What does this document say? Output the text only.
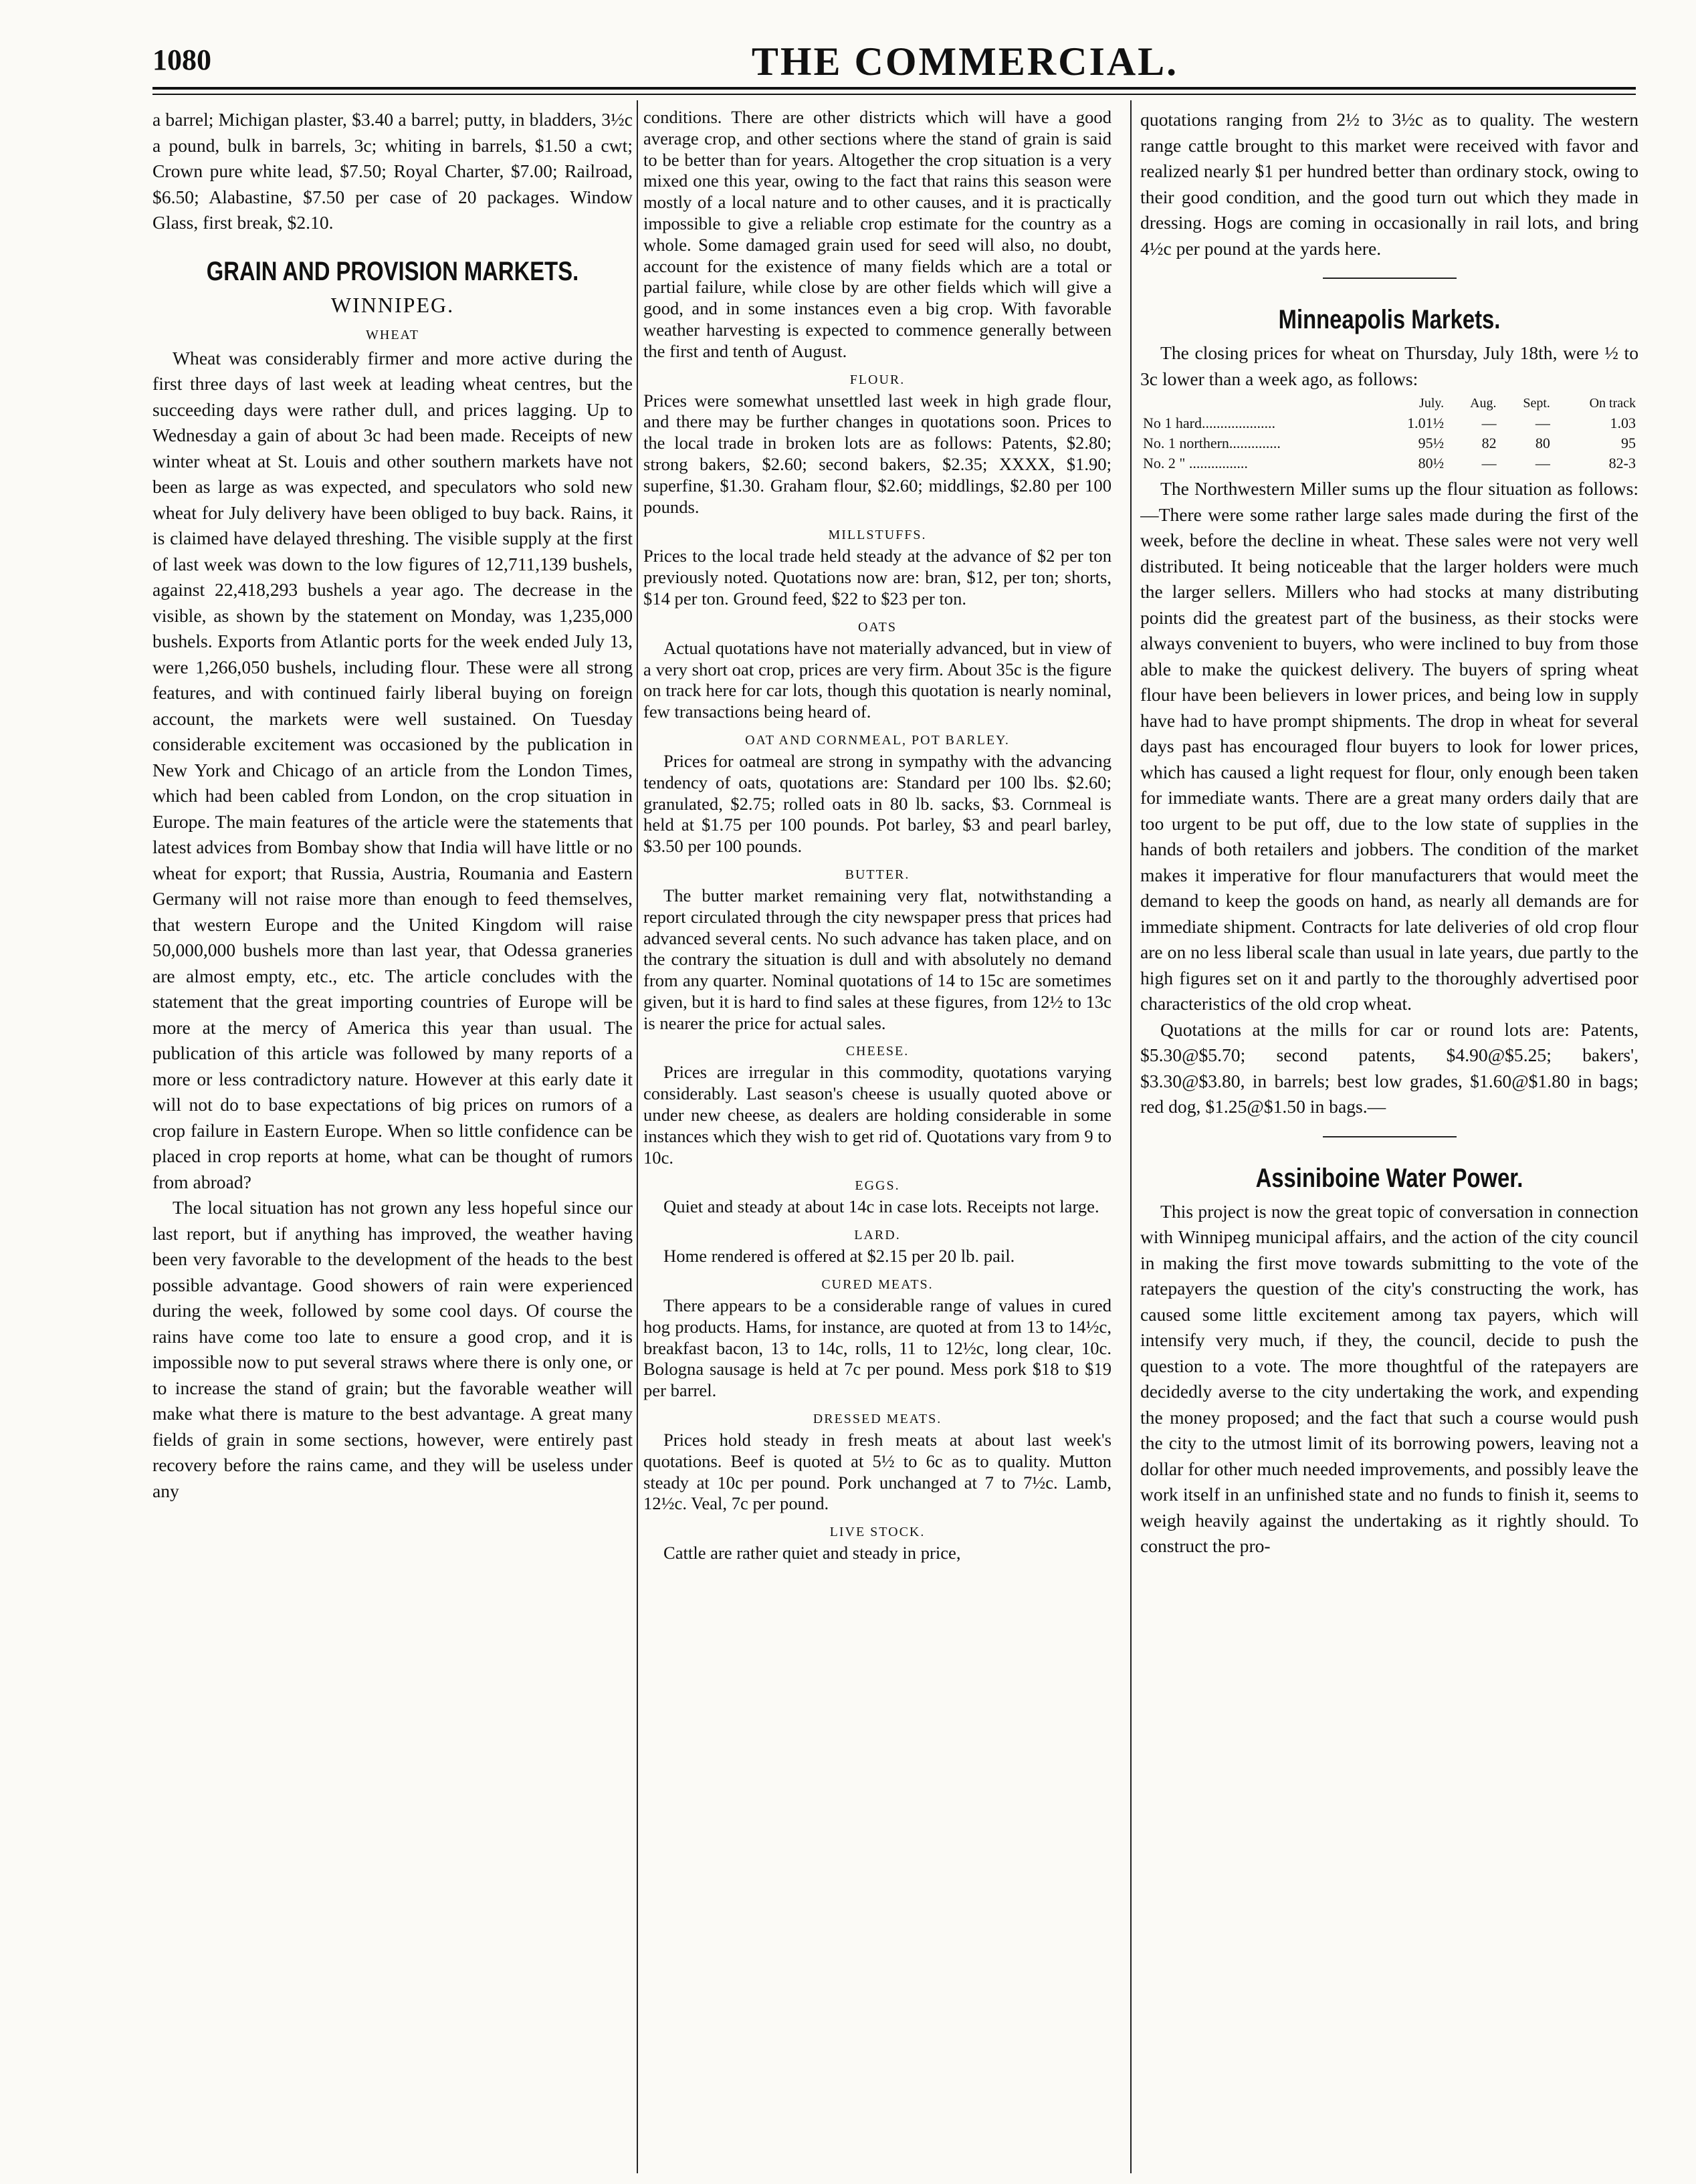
1080	THE COMMERCIAL.

a barrel; Michigan plaster, $3.40 a barrel; putty, in bladders, 3½c a pound, bulk in barrels, 3c; whiting in barrels, $1.50 a cwt; Crown pure white lead, $7.50; Royal Charter, $7.00; Railroad, $6.50; Alabastine, $7.50 per case of 20 packages. Window Glass, first break, $2.10.

GRAIN AND PROVISION MARKETS.
WINNIPEG.
WHEAT

Wheat was considerably firmer and more active during the first three days of last week at leading wheat centres, but the succeeding days were rather dull, and prices lagging. Up to Wednesday a gain of about 3c had been made. Receipts of new winter wheat at St. Louis and other southern markets have not been as large as was expected, and speculators who sold new wheat for July delivery have been obliged to buy back. Rains, it is claimed have delayed threshing. The visible supply at the first of last week was down to the low figures of 12,711,139 bushels, against 22,418,293 bushels a year ago. The decrease in the visible, as shown by the statement on Monday, was 1,235,000 bushels. Exports from Atlantic ports for the week ended July 13, were 1,266,050 bushels, including flour. These were all strong features, and with continued fairly liberal buying on foreign account, the markets were well sustained. On Tuesday considerable excitement was occasioned by the publication in New York and Chicago of an article from the London Times, which had been cabled from London, on the crop situation in Europe. The main features of the article were the statements that latest advices from Bombay show that India will have little or no wheat for export; that Russia, Austria, Roumania and Eastern Germany will not raise more than enough to feed themselves, that western Europe and the United Kingdom will raise 50,000,000 bushels more than last year, that Odessa graneries are almost empty, etc., etc. The article concludes with the statement that the great importing countries of Europe will be more at the mercy of America this year than usual. The publication of this article was followed by many reports of a more or less contradictory nature. However at this early date it will not do to base expectations of big prices on rumors of a crop failure in Eastern Europe. When so little confidence can be placed in crop reports at home, what can be thought of rumors from abroad?

The local situation has not grown any less hopeful since our last report, but if anything has improved, the weather having been very favorable to the development of the heads to the best possible advantage. Good showers of rain were experienced during the week, followed by some cool days. Of course the rains have come too late to ensure a good crop, and it is impossible now to put several straws where there is only one, or to increase the stand of grain; but the favorable weather will make what there is mature to the best advantage. A great many fields of grain in some sections, however, were entirely past recovery before the rains came, and they will be useless under any

conditions. There are other districts which will have a good average crop, and other sections where the stand of grain is said to be better than for years. Altogether the crop situation is a very mixed one this year, owing to the fact that rains this season were mostly of a local nature and to other causes, and it is practically impossible to give a reliable crop estimate for the country as a whole. Some damaged grain used for seed will also, no doubt, account for the existence of many fields which are a total or partial failure, while close by are other fields which will give a good, and in some instances even a big crop. With favorable weather harvesting is expected to commence generally between the first and tenth of August.

FLOUR.

Prices were somewhat unsettled last week in high grade flour, and there may be further changes in quotations soon. Prices to the local trade in broken lots are as follows: Patents, $2.80; strong bakers, $2.60; second bakers, $2.35; XXXX, $1.90; superfine, $1.30. Graham flour, $2.60; middlings, $2.80 per 100 pounds.

MILLSTUFFS.

Prices to the local trade held steady at the advance of $2 per ton previously noted. Quotations now are: bran, $12, per ton; shorts, $14 per ton. Ground feed, $22 to $23 per ton.

OATS

Actual quotations have not materially advanced, but in view of a very short oat crop, prices are very firm. About 35c is the figure on track here for car lots, though this quotation is nearly nominal, few transactions being heard of.

OAT AND CORNMEAL, POT BARLEY.

Prices for oatmeal are strong in sympathy with the advancing tendency of oats, quotations are: Standard per 100 lbs. $2.60; granulated, $2.75; rolled oats in 80 lb. sacks, $3. Cornmeal is held at $1.75 per 100 pounds. Pot barley, $3 and pearl barley, $3.50 per 100 pounds.

BUTTER.

The butter market remaining very flat, notwithstanding a report circulated through the city newspaper press that prices had advanced several cents. No such advance has taken place, and on the contrary the situation is dull and with absolutely no demand from any quarter. Nominal quotations of 14 to 15c are sometimes given, but it is hard to find sales at these figures, from 12½ to 13c is nearer the price for actual sales.

CHEESE.

Prices are irregular in this commodity, quotations varying considerably. Last season's cheese is usually quoted above or under new cheese, as dealers are holding considerable in some instances which they wish to get rid of. Quotations vary from 9 to 10c.

EGGS.

Quiet and steady at about 14c in case lots. Receipts not large.

LARD.

Home rendered is offered at $2.15 per 20 lb. pail.

CURED MEATS.

There appears to be a considerable range of values in cured hog products. Hams, for instance, are quoted at from 13 to 14½c, breakfast bacon, 13 to 14c, rolls, 11 to 12½c, long clear, 10c. Bologna sausage is held at 7c per pound. Mess pork $18 to $19 per barrel.

DRESSED MEATS.

Prices hold steady in fresh meats at about last week's quotations. Beef is quoted at 5½ to 6c as to quality. Mutton steady at 10c per pound. Pork unchanged at 7 to 7½c. Lamb, 12½c. Veal, 7c per pound.

LIVE STOCK.

Cattle are rather quiet and steady in price,

quotations ranging from 2½ to 3½c as to quality. The western range cattle brought to this market were received with favor and realized nearly $1 per hundred better than ordinary stock, owing to their good condition, and the good turn out which they made in dressing. Hogs are coming in occasionally in rail lots, and bring 4½c per pound at the yards here.

Minneapolis Markets.

The closing prices for wheat on Thursday, July 18th, were ½ to 3c lower than a week ago, as follows:

	July.	Aug.	Sept.	On track
No 1 hard....................	1.01½	—	—	1.03
No. 1 northern..............	95½	82	80	95
No. 2 " ................	80½	—	—	82-3

The Northwestern Miller sums up the flour situation as follows:—There were some rather large sales made during the first of the week, before the decline in wheat. These sales were not very well distributed. It being noticeable that the larger holders were much the larger sellers. Millers who had stocks at many distributing points did the greatest part of the business, as their stocks were always convenient to buyers, who were inclined to buy from those able to make the quickest delivery. The buyers of spring wheat flour have been believers in lower prices, and being low in supply have had to have prompt shipments. The drop in wheat for several days past has encouraged flour buyers to look for lower prices, which has caused a light request for flour, only enough been taken for immediate wants. There are a great many orders daily that are too urgent to be put off, due to the low state of supplies in the hands of both retailers and jobbers. The condition of the market makes it imperative for flour manufacturers that would meet the demand to keep the goods on hand, as nearly all demands are for immediate shipment. Contracts for late deliveries of old crop flour are on no less liberal scale than usual in late years, due partly to the high figures set on it and partly to the thoroughly advertised poor characteristics of the old crop wheat.

Quotations at the mills for car or round lots are: Patents, $5.30@$5.70; second patents, $4.90@$5.25; bakers', $3.30@$3.80, in barrels; best low grades, $1.60@$1.80 in bags; red dog, $1.25@$1.50 in bags.—

Assiniboine Water Power.

This project is now the great topic of conversation in connection with Winnipeg municipal affairs, and the action of the city council in making the first move towards submitting to the vote of the ratepayers the question of the city's constructing the work, has caused some little excitement among tax payers, which will intensify very much, if they, the council, decide to push the question to a vote. The more thoughtful of the ratepayers are decidedly averse to the city undertaking the work, and expending the money proposed; and the fact that such a course would push the city to the utmost limit of its borrowing powers, leaving not a dollar for other much needed improvements, and possibly leave the work itself in an unfinished state and no funds to finish it, seems to weigh heavily against the undertaking as it rightly should. To construct the pro-
